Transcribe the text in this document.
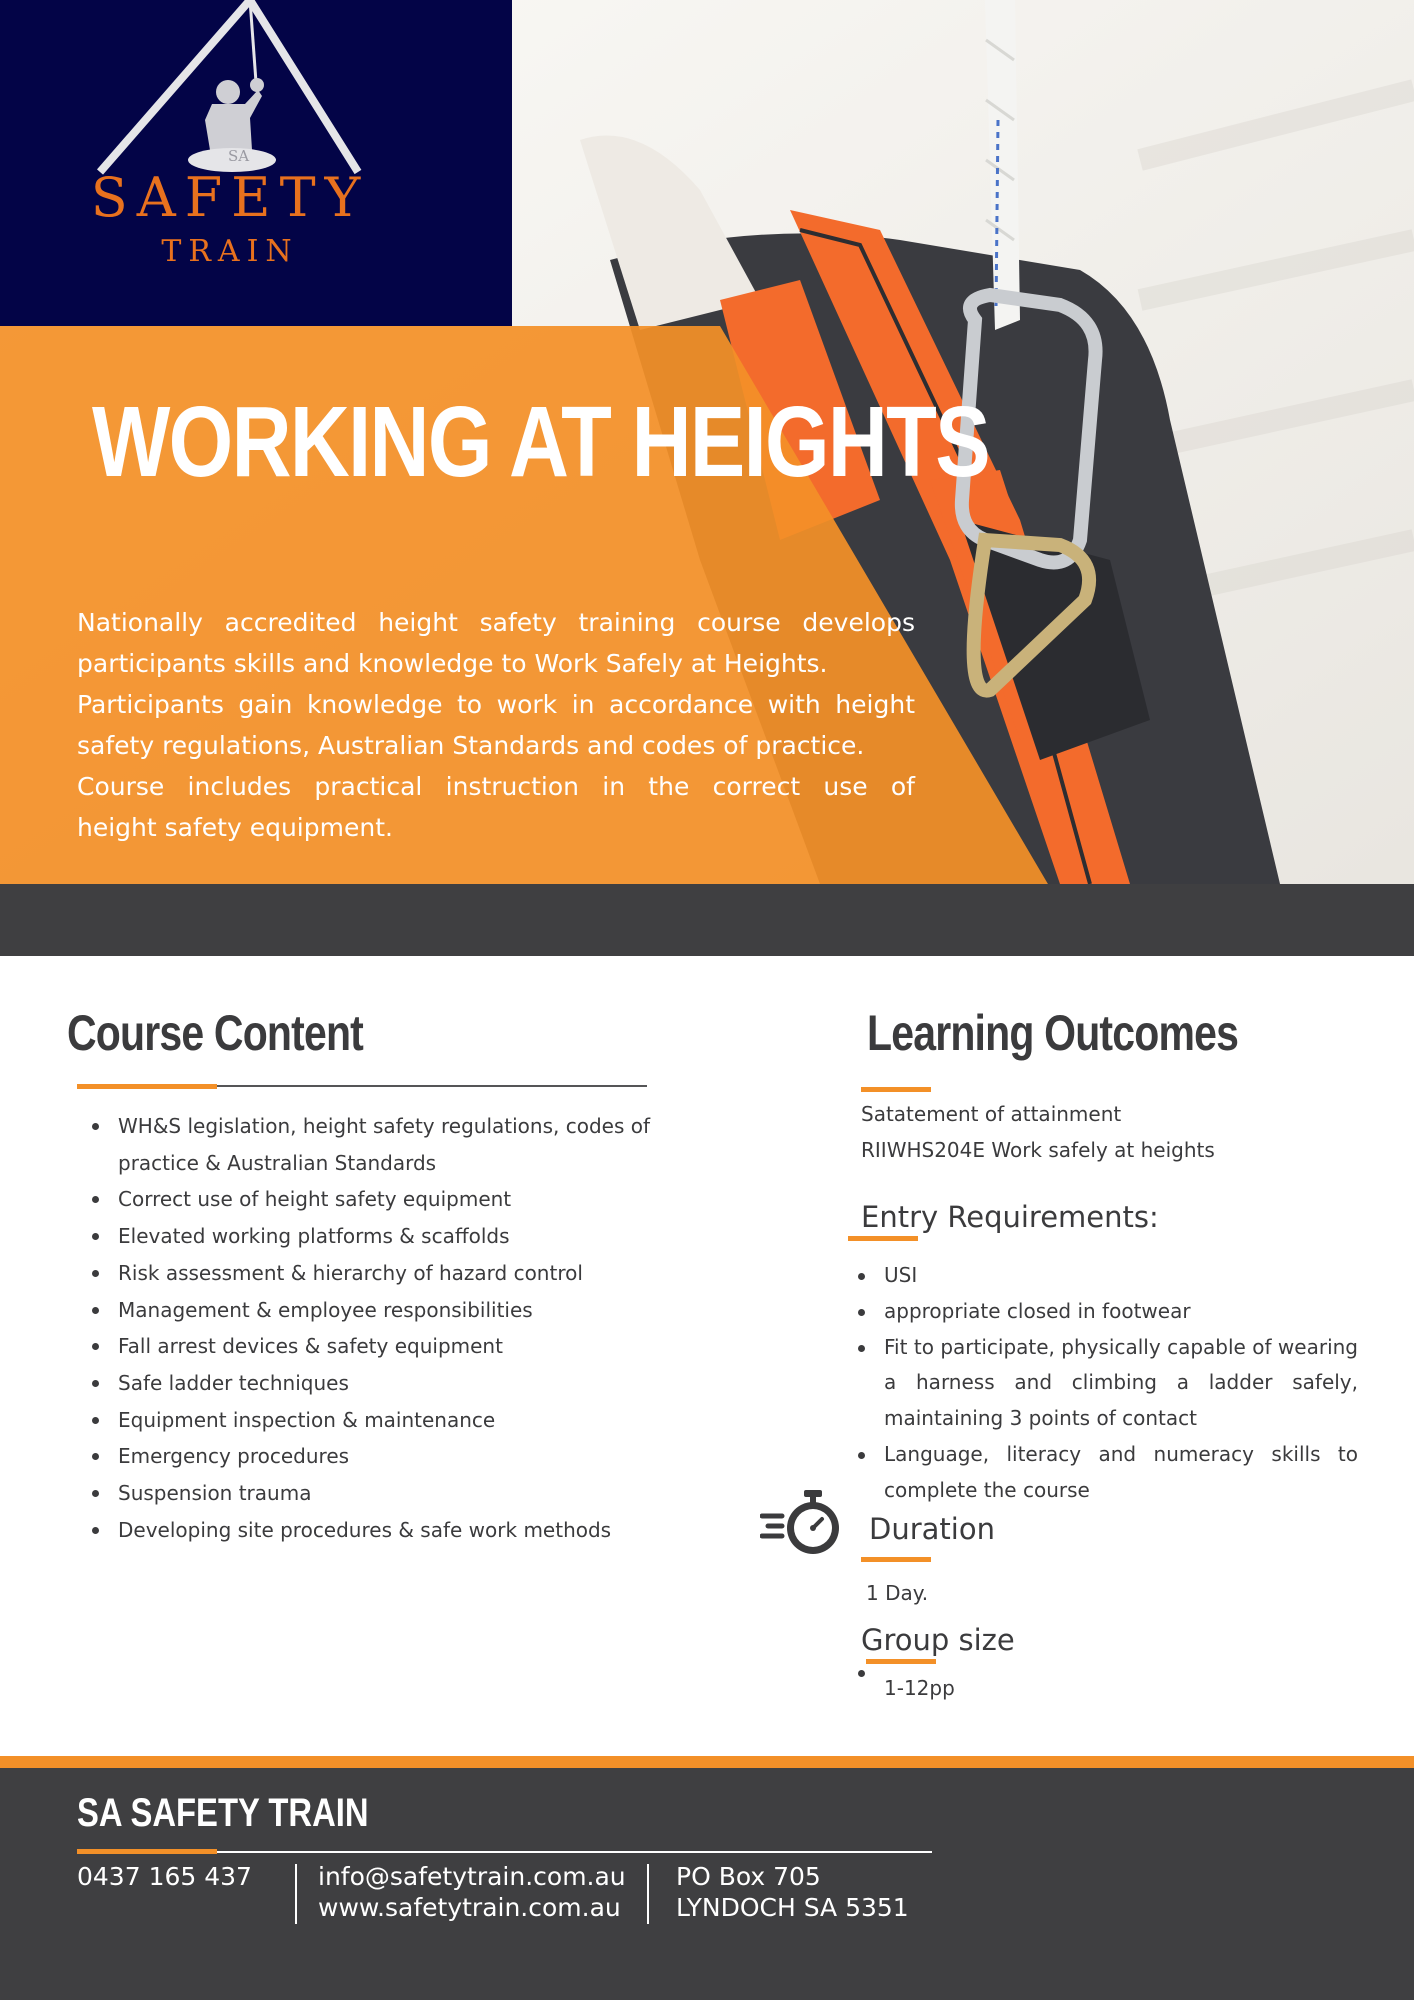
SA
SAFETY
TRAIN
WORKING AT HEIGHTS

Nationally accredited height safety training course develops

participants skills and knowledge to Work Safely at Heights.

Participants gain knowledge to work in accordance with height

safety regulations, Australian Standards and codes of practice.

Course includes practical instruction in the correct use of

height safety equipment.

Course Content
WH&S legislation, height safety regulations, codes of practice & Australian Standards
Correct use of height safety equipment
Elevated working platforms & scaffolds
Risk assessment & hierarchy of hazard control
Management & employee responsibilities
Fall arrest devices & safety equipment
Safe ladder techniques
Equipment inspection & maintenance
Emergency procedures
Suspension trauma
Developing site procedures & safe work methods
Learning Outcomes
Satatement of attainment
RIIWHS204E Work safely at heights
Entry Requirements:
USI
appropriate closed in footwear
Fit to participate, physically capable of wearing a harness and climbing a ladder safely, maintaining 3 points of contact
Language, literacy and numeracy skills to complete the course
Duration
1 Day.
Group size
1-12pp
SA SAFETY TRAIN
0437 165 437	info@safetytrain.com.au
www.safetytrain.com.au
PO Box 705
LYNDOCH SA 5351
